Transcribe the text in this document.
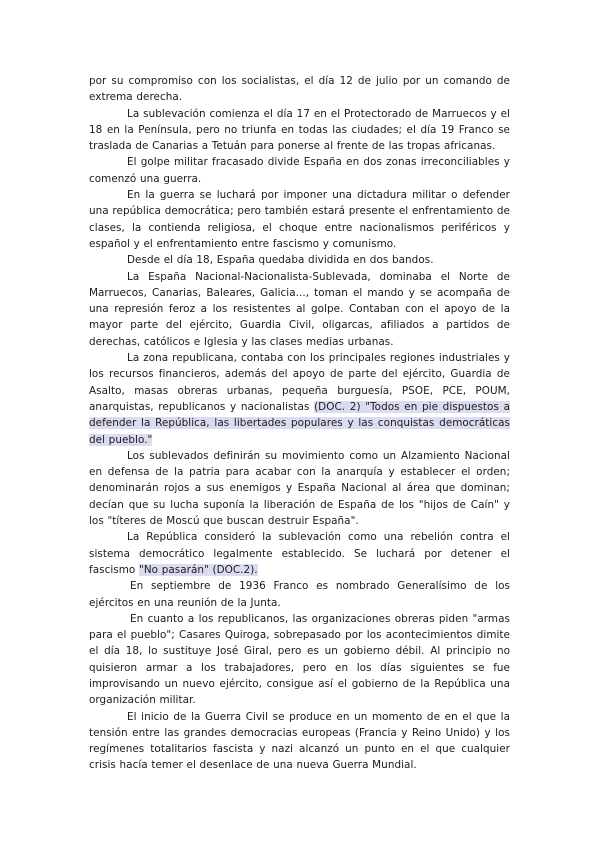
por su compromiso con los socialistas, el día 12 de julio por un comando de extrema derecha.

La sublevación comienza el día 17 en el Protectorado de Marruecos y el 18 en la Península, pero no triunfa en todas las ciudades; el día 19 Franco se traslada de Canarias a Tetuán para ponerse al frente de las tropas africanas.

El golpe militar fracasado divide España en dos zonas irreconciliables y comenzó una guerra.

En la guerra se luchará por imponer una dictadura militar o defender una república democrática; pero también estará presente el enfrentamiento de clases, la contienda religiosa, el choque entre nacionalismos periféricos y español y el enfrentamiento entre fascismo y comunismo.

Desde el día 18, España quedaba dividida en dos bandos.

La España Nacional-Nacionalista-Sublevada, dominaba el Norte de Marruecos, Canarias, Baleares, Galicia..., toman el mando y se acompaña de una represión feroz a los resistentes al golpe. Contaban con el apoyo de la mayor parte del ejército, Guardia Civil, oligarcas, afiliados a partidos de derechas, católicos e Iglesia y las clases medias urbanas.

La zona republicana, contaba con los principales regiones industriales y los recursos financieros, además del apoyo de parte del ejército, Guardia de Asalto, masas obreras urbanas, pequeña burguesía, PSOE, PCE, POUM, anarquistas, republicanos y nacionalistas (DOC. 2) "Todos en pie dispuestos a defender la República, las libertades populares y las conquistas democráticas del pueblo."

Los sublevados definirán su movimiento como un Alzamiento Nacional en defensa de la patria para acabar con la anarquía y establecer el orden; denominarán rojos a sus enemigos y España Nacional al área que dominan; decían que su lucha suponía la liberación de España de los "hijos de Caín" y los "títeres de Moscú que buscan destruir España".

La República consideró la sublevación como una rebelión contra el sistema democrático legalmente establecido. Se luchará por detener el fascismo "No pasarán" (DOC.2).

En septiembre de 1936 Franco es nombrado Generalísimo de los ejércitos en una reunión de la Junta.

En cuanto a los republicanos, las organizaciones obreras piden "armas para el pueblo"; Casares Quiroga, sobrepasado por los acontecimientos dimite el día 18, lo sustituye José Giral, pero es un gobierno débil. Al principio no quisieron armar a los trabajadores, pero en los días siguientes se fue improvisando un nuevo ejército, consigue así el gobierno de la República una organización militar.

El inicio de la Guerra Civil se produce en un momento de en el que la tensión entre las grandes democracias europeas (Francia y Reino Unido) y los regímenes totalitarios fascista y nazi alcanzó un punto en el que cualquier crisis hacía temer el desenlace de una nueva Guerra Mundial.
